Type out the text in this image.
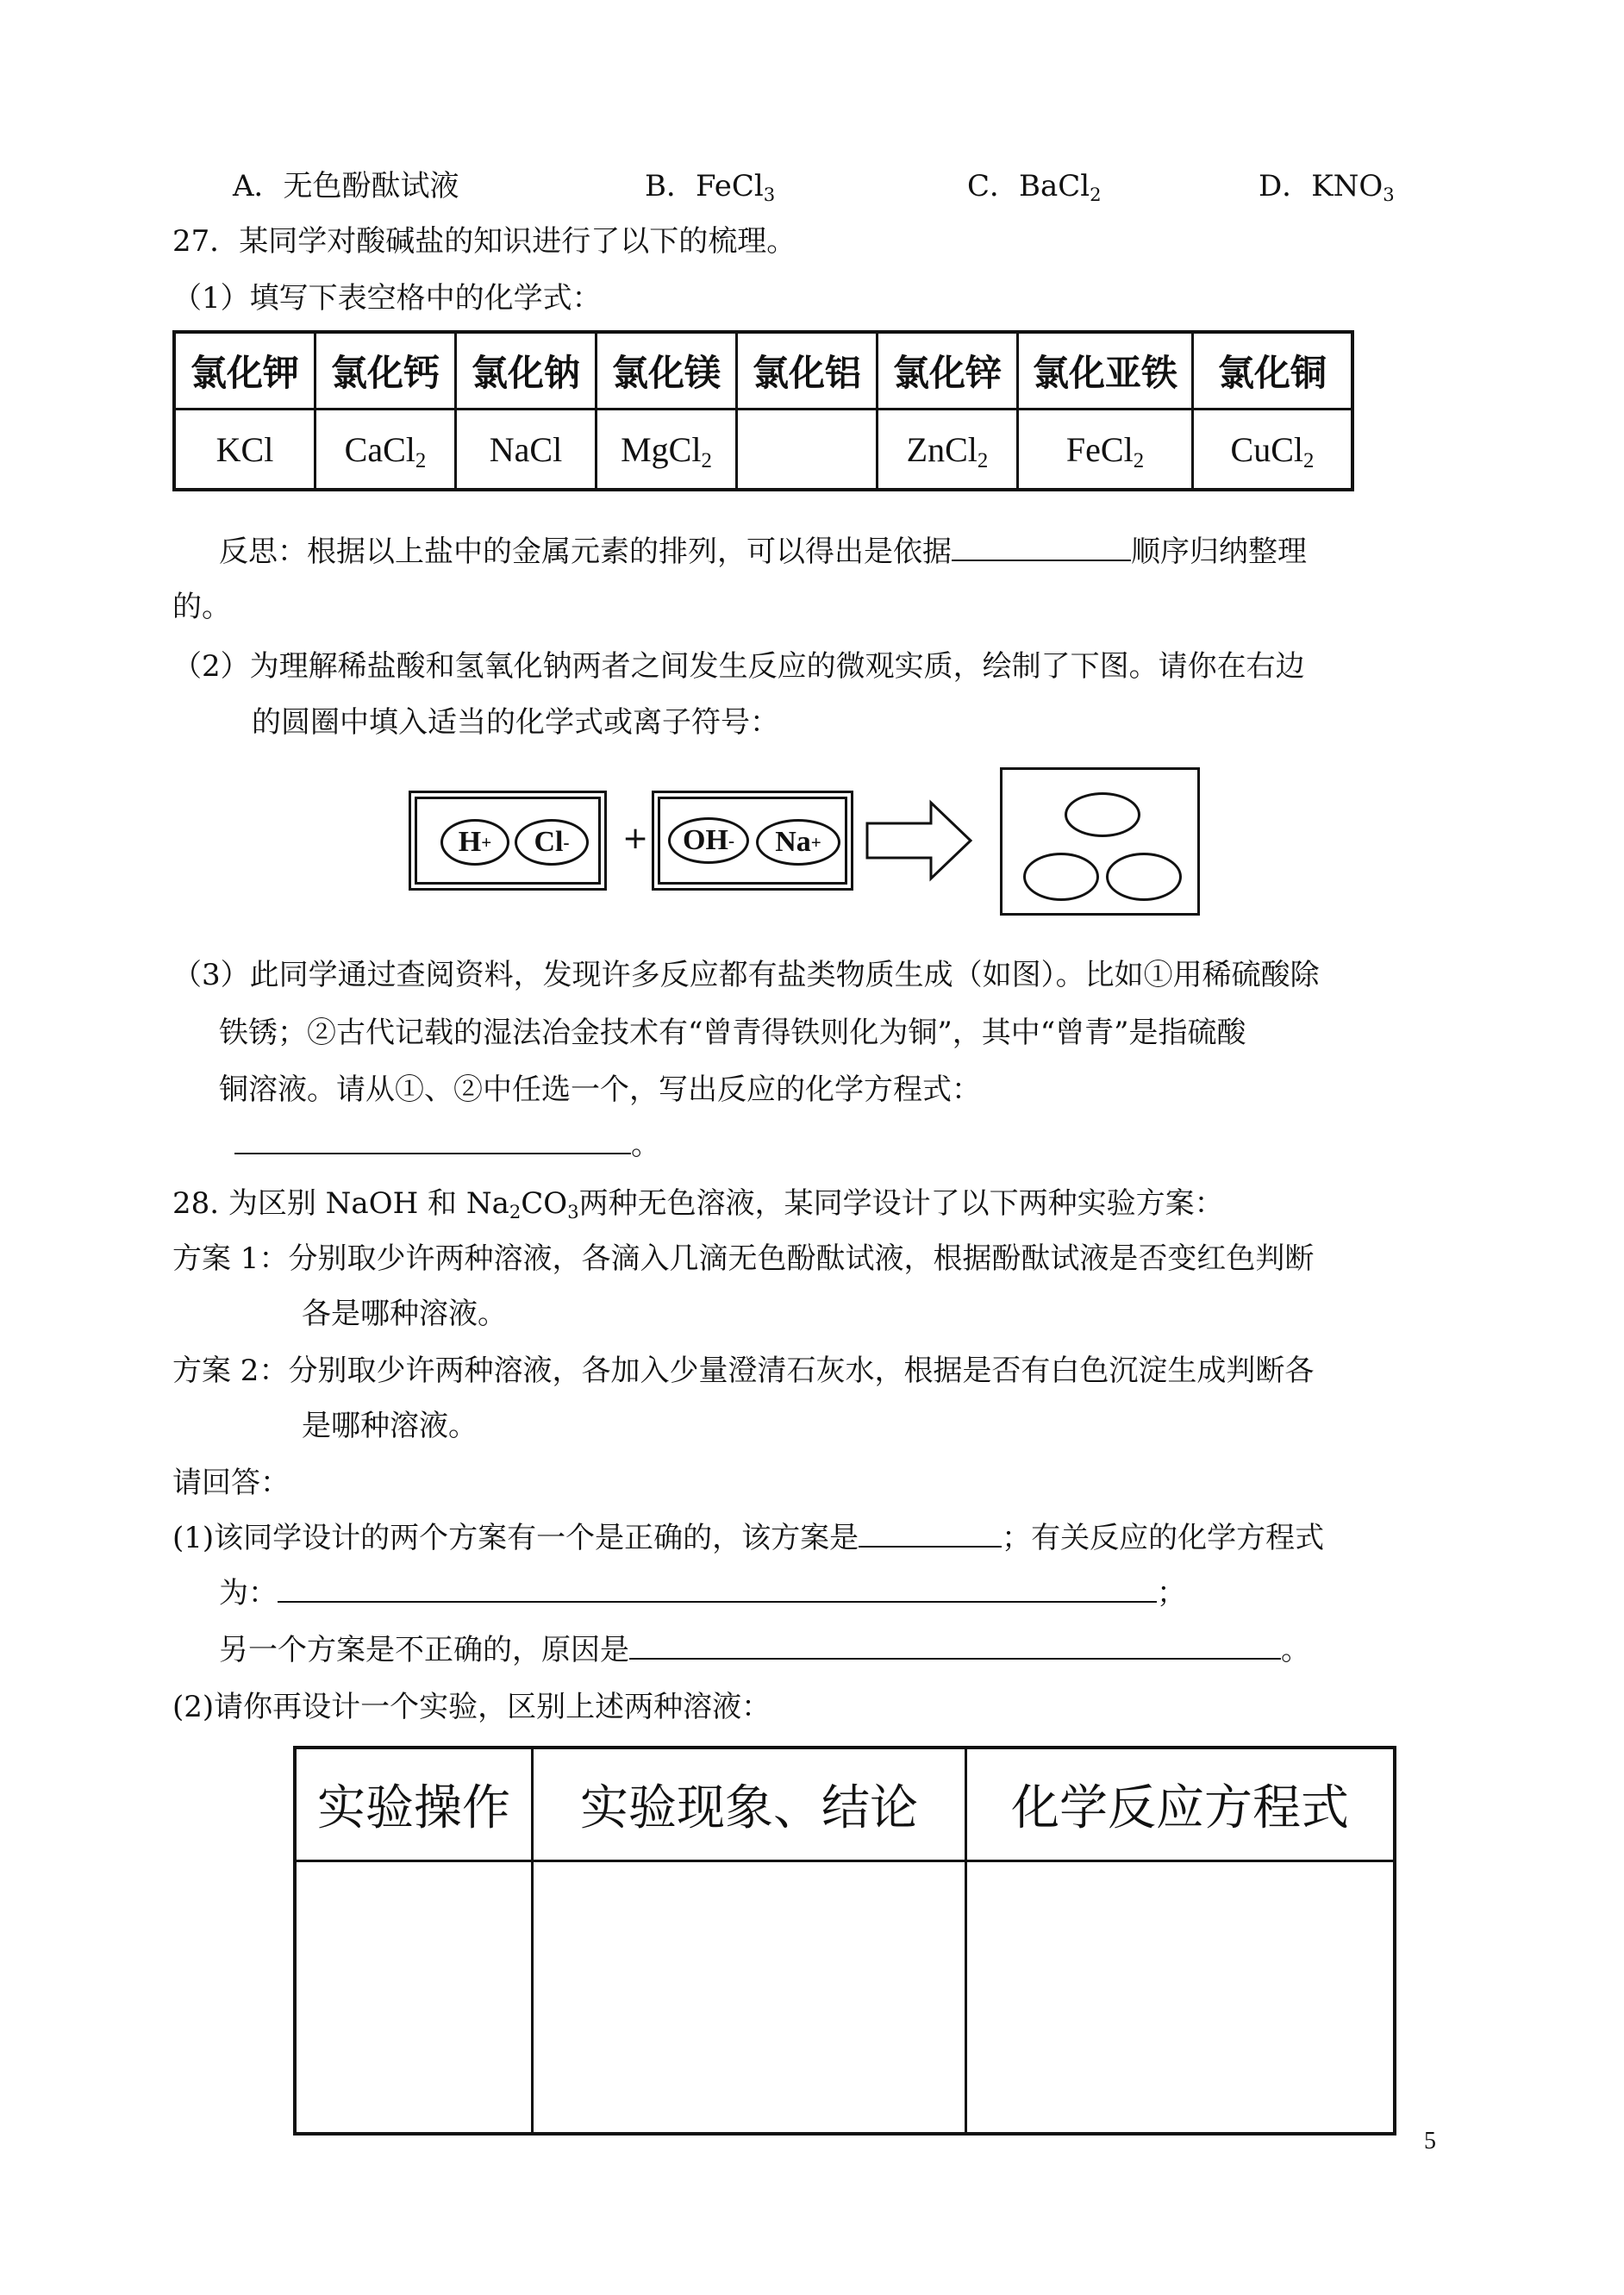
A．无色酚酞试液	B．FeCl$_3$	C．BaCl$_2$	D．$KNO_3$
27．某同学对酸碱盐的知识进行了以下的梳理。
（1）填写下表空格中的化学式：
氯化钾	氯化钙	氯化钠	氯化镁	氯化铝	氯化锌	氯化亚铁	氯化铜
KCl	CaCl$_2$	NaCl	MgCl$_2$		ZnCl$_2$	FeCl$_2$	CuCl$_2$
反思：根据以上盐中的金属元素的排列，可以得出是依据	顺序归纳整理
的。
（2）为理解稀盐酸和氢氧化钠两者之间发生反应的微观实质，绘制了下图。请你在右边
的圆圈中填入适当的化学式或离子符号：
H + Cl - + OH - Na +
（3）此同学通过查阅资料，发现许多反应都有盐类物质生成（如图）。比如①用稀硫酸除
铁锈；②古代记载的湿法冶金技术有“曾青得铁则化为铜”，其中“曾青”是指硫酸
铜溶液。请从①、②中任选一个，写出反应的化学方程式：
。
28. 为区别 NaOH 和 $Na_2CO_3$两种无色溶液，某同学设计了以下两种实验方案：
方案 1：分别取少许两种溶液，各滴入几滴无色酚酞试液，根据酚酞试液是否变红色判断
各是哪种溶液。
方案 2：分别取少许两种溶液，各加入少量澄清石灰水，根据是否有白色沉淀生成判断各
是哪种溶液。
请回答：
(1)该同学设计的两个方案有一个是正确的，该方案是	；有关反应的化学方程式
为：	；
另一个方案是不正确的，原因是	。
(2)请你再设计一个实验，区别上述两种溶液：
实验操作	实验现象、结论	化学反应方程式

5
